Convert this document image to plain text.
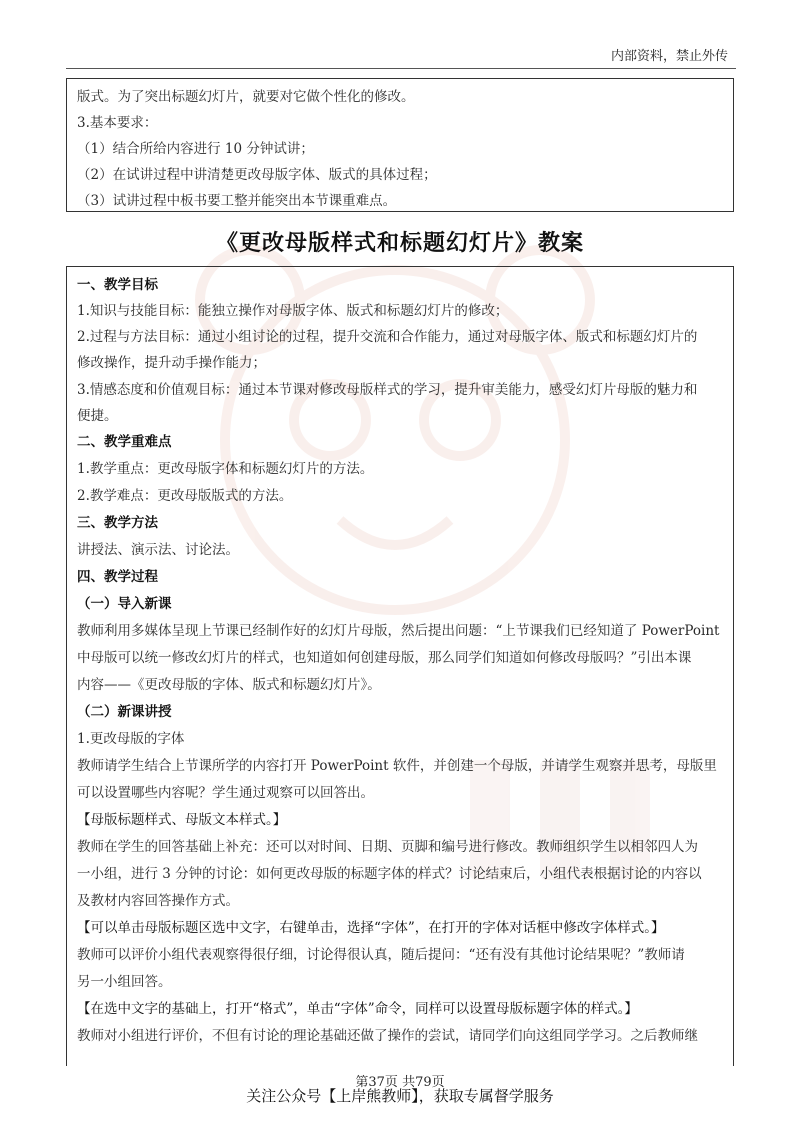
内部资料，禁止外传
版式。为了突出标题幻灯片，就要对它做个性化的修改。
3.基本要求：
（1）结合所给内容进行 10 分钟试讲；
（2）在试讲过程中讲清楚更改母版字体、版式的具体过程；
（3）试讲过程中板书要工整并能突出本节课重难点。
《更改母版样式和标题幻灯片》教案
一、教学目标
1.知识与技能目标：能独立操作对母版字体、版式和标题幻灯片的修改；
2.过程与方法目标：通过小组讨论的过程，提升交流和合作能力，通过对母版字体、版式和标题幻灯片的
修改操作，提升动手操作能力；
3.情感态度和价值观目标：通过本节课对修改母版样式的学习，提升审美能力，感受幻灯片母版的魅力和
便捷。
二、教学重难点
1.教学重点：更改母版字体和标题幻灯片的方法。
2.教学难点：更改母版版式的方法。
三、教学方法
讲授法、演示法、讨论法。
四、教学过程
（一）导入新课
教师利用多媒体呈现上节课已经制作好的幻灯片母版，然后提出问题：“上节课我们已经知道了 PowerPoint
中母版可以统一修改幻灯片的样式，也知道如何创建母版，那么同学们知道如何修改母版吗？”引出本课
内容——《更改母版的字体、版式和标题幻灯片》。
（二）新课讲授
1.更改母版的字体
教师请学生结合上节课所学的内容打开 PowerPoint 软件，并创建一个母版，并请学生观察并思考，母版里
可以设置哪些内容呢？学生通过观察可以回答出。
【母版标题样式、母版文本样式。】
教师在学生的回答基础上补充：还可以对时间、日期、页脚和编号进行修改。教师组织学生以相邻四人为
一小组，进行 3 分钟的讨论：如何更改母版的标题字体的样式？讨论结束后，小组代表根据讨论的内容以
及教材内容回答操作方式。
【可以单击母版标题区选中文字，右键单击，选择“字体”，在打开的字体对话框中修改字体样式。】
教师可以评价小组代表观察得很仔细，讨论得很认真，随后提问：“还有没有其他讨论结果呢？”教师请
另一小组回答。
【在选中文字的基础上，打开“格式”，单击“字体”命令，同样可以设置母版标题字体的样式。】
教师对小组进行评价，不但有讨论的理论基础还做了操作的尝试，请同学们向这组同学学习。之后教师继
第37页 共79页
关注公众号【上岸熊教师】，获取专属督学服务
